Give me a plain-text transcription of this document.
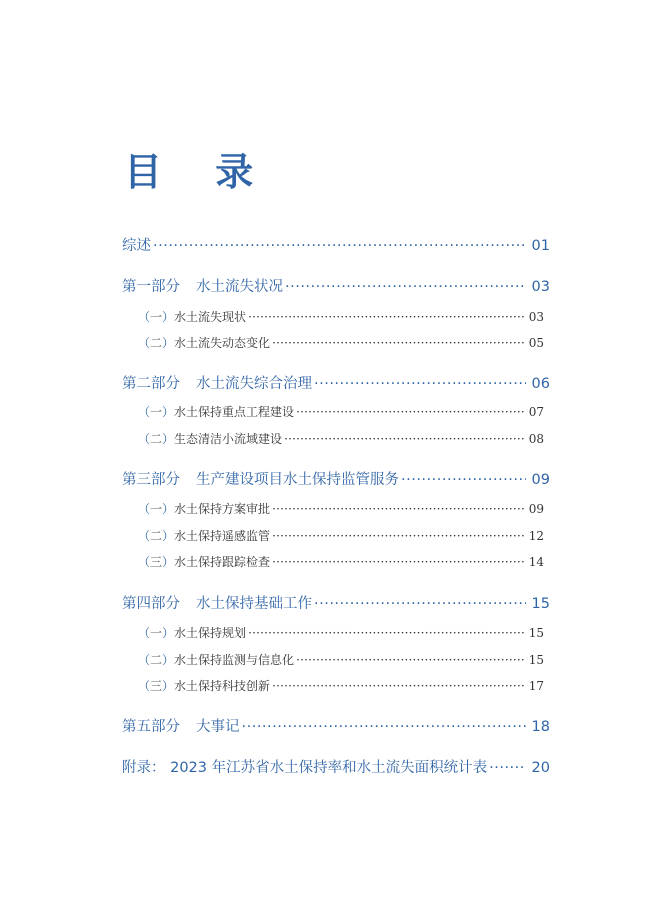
目 录
综述 ·····	01
第一部分 水土流失状况 ·····	03
（一）水土流失现状 ·····	03
（二）水土流失动态变化 ·····	05
第二部分 水土流失综合治理 ·····	06
（一）水土保持重点工程建设 ·····	07
（二）生态清洁小流域建设 ·····	08
第三部分 生产建设项目水土保持监管服务 ·····	09
（一）水土保持方案审批 ·····	09
（二）水土保持遥感监管 ·····	12
（三）水土保持跟踪检查 ·····	14
第四部分 水土保持基础工作 ·····	15
（一）水土保持规划 ·····	15
（二）水土保持监测与信息化 ·····	15
（三）水土保持科技创新 ·····	17
第五部分 大事记 ·····	18
附录： 2023 年江苏省水土保持率和水土流失面积统计表 ·····	20
